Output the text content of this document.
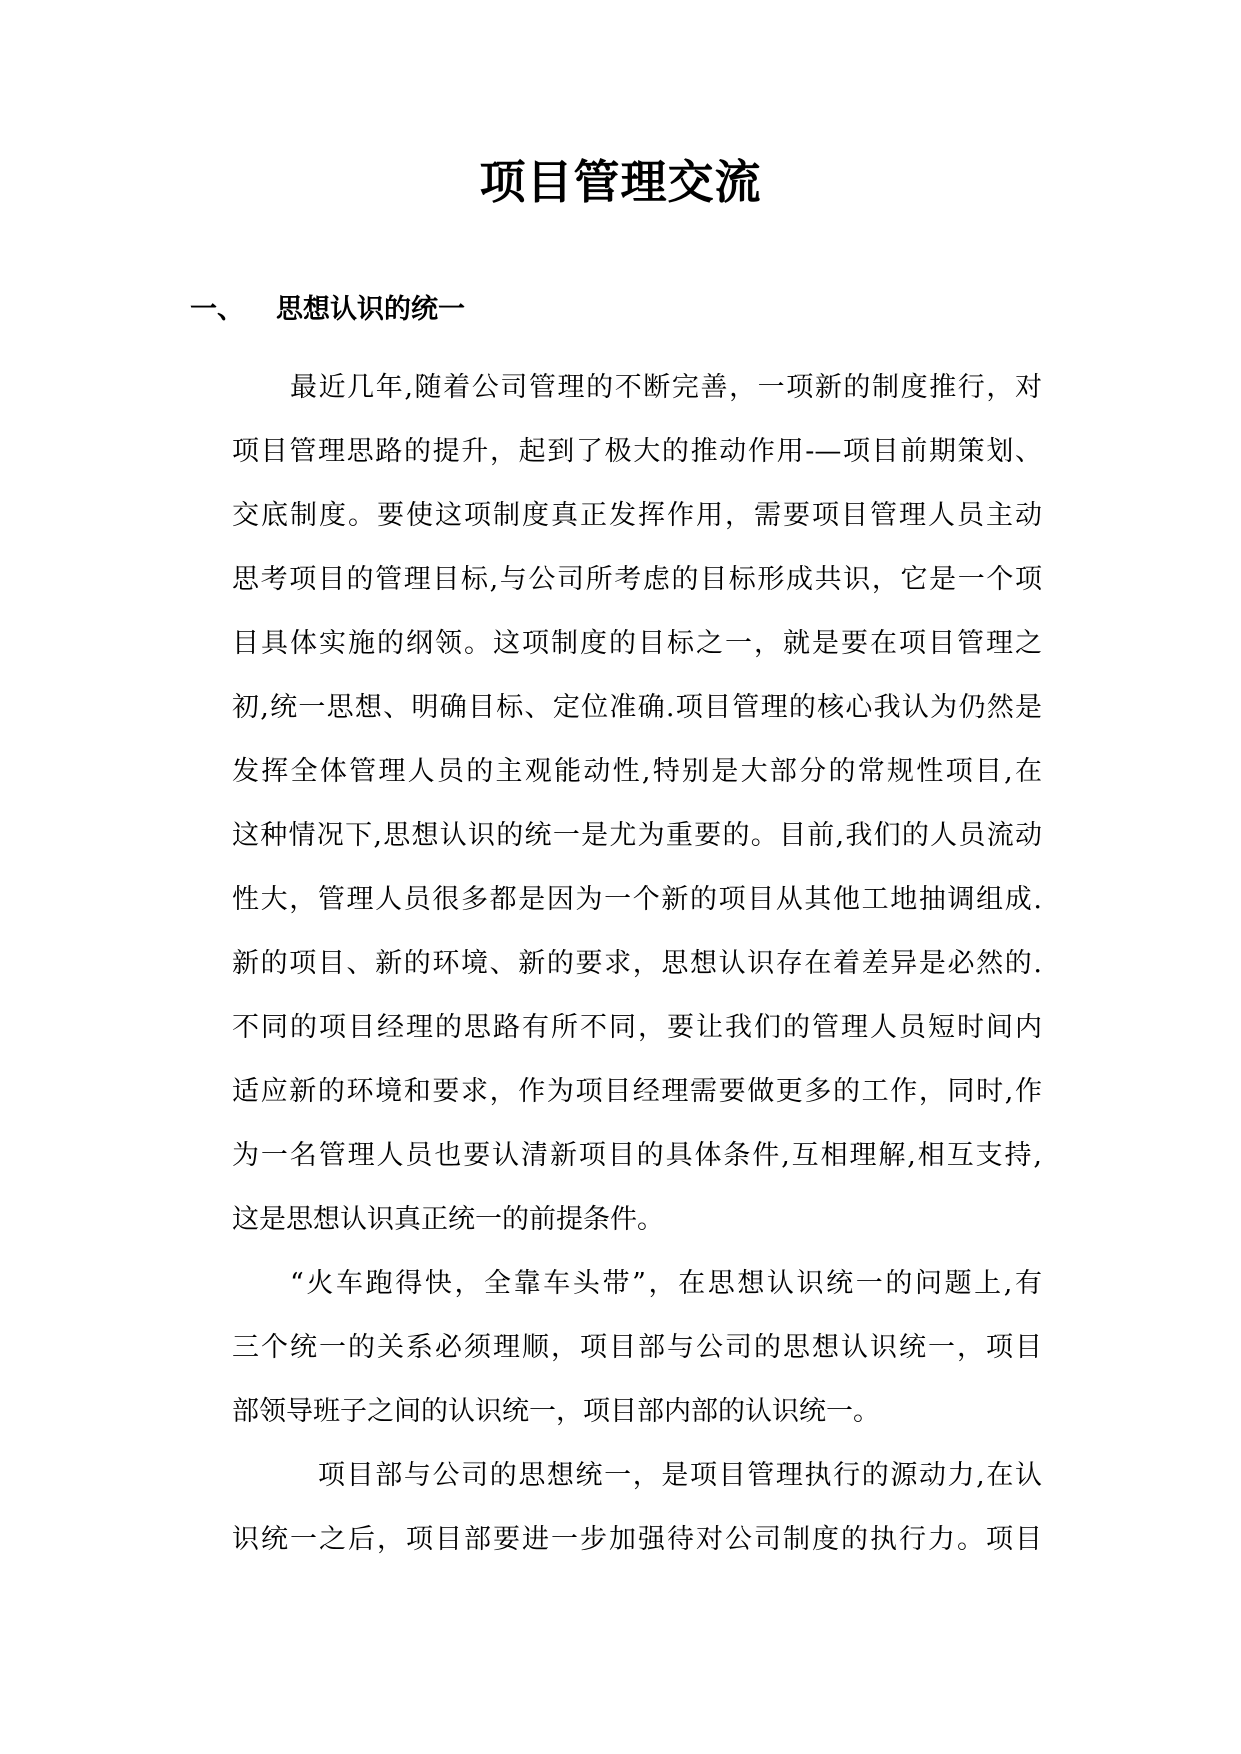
项目管理交流
一、 思想认识的统一
最近几年,随着公司管理的不断完善，一项新的制度推行，对
项目管理思路的提升，起到了极大的推动作用-—项目前期策划、
交底制度。要使这项制度真正发挥作用，需要项目管理人员主动
思考项目的管理目标,与公司所考虑的目标形成共识，它是一个项
目具体实施的纲领。这项制度的目标之一，就是要在项目管理之
初,统一思想、明确目标、定位准确.项目管理的核心我认为仍然是
发挥全体管理人员的主观能动性,特别是大部分的常规性项目,在
这种情况下,思想认识的统一是尤为重要的。目前,我们的人员流动
性大，管理人员很多都是因为一个新的项目从其他工地抽调组成.
新的项目、新的环境、新的要求，思想认识存在着差异是必然的.
不同的项目经理的思路有所不同，要让我们的管理人员短时间内
适应新的环境和要求，作为项目经理需要做更多的工作，同时,作
为一名管理人员也要认清新项目的具体条件,互相理解,相互支持,
这是思想认识真正统一的前提条件。
“火车跑得快，全靠车头带”，在思想认识统一的问题上,有
三个统一的关系必须理顺，项目部与公司的思想认识统一，项目
部领导班子之间的认识统一，项目部内部的认识统一。
项目部与公司的思想统一，是项目管理执行的源动力,在认
识统一之后，项目部要进一步加强待对公司制度的执行力。项目
